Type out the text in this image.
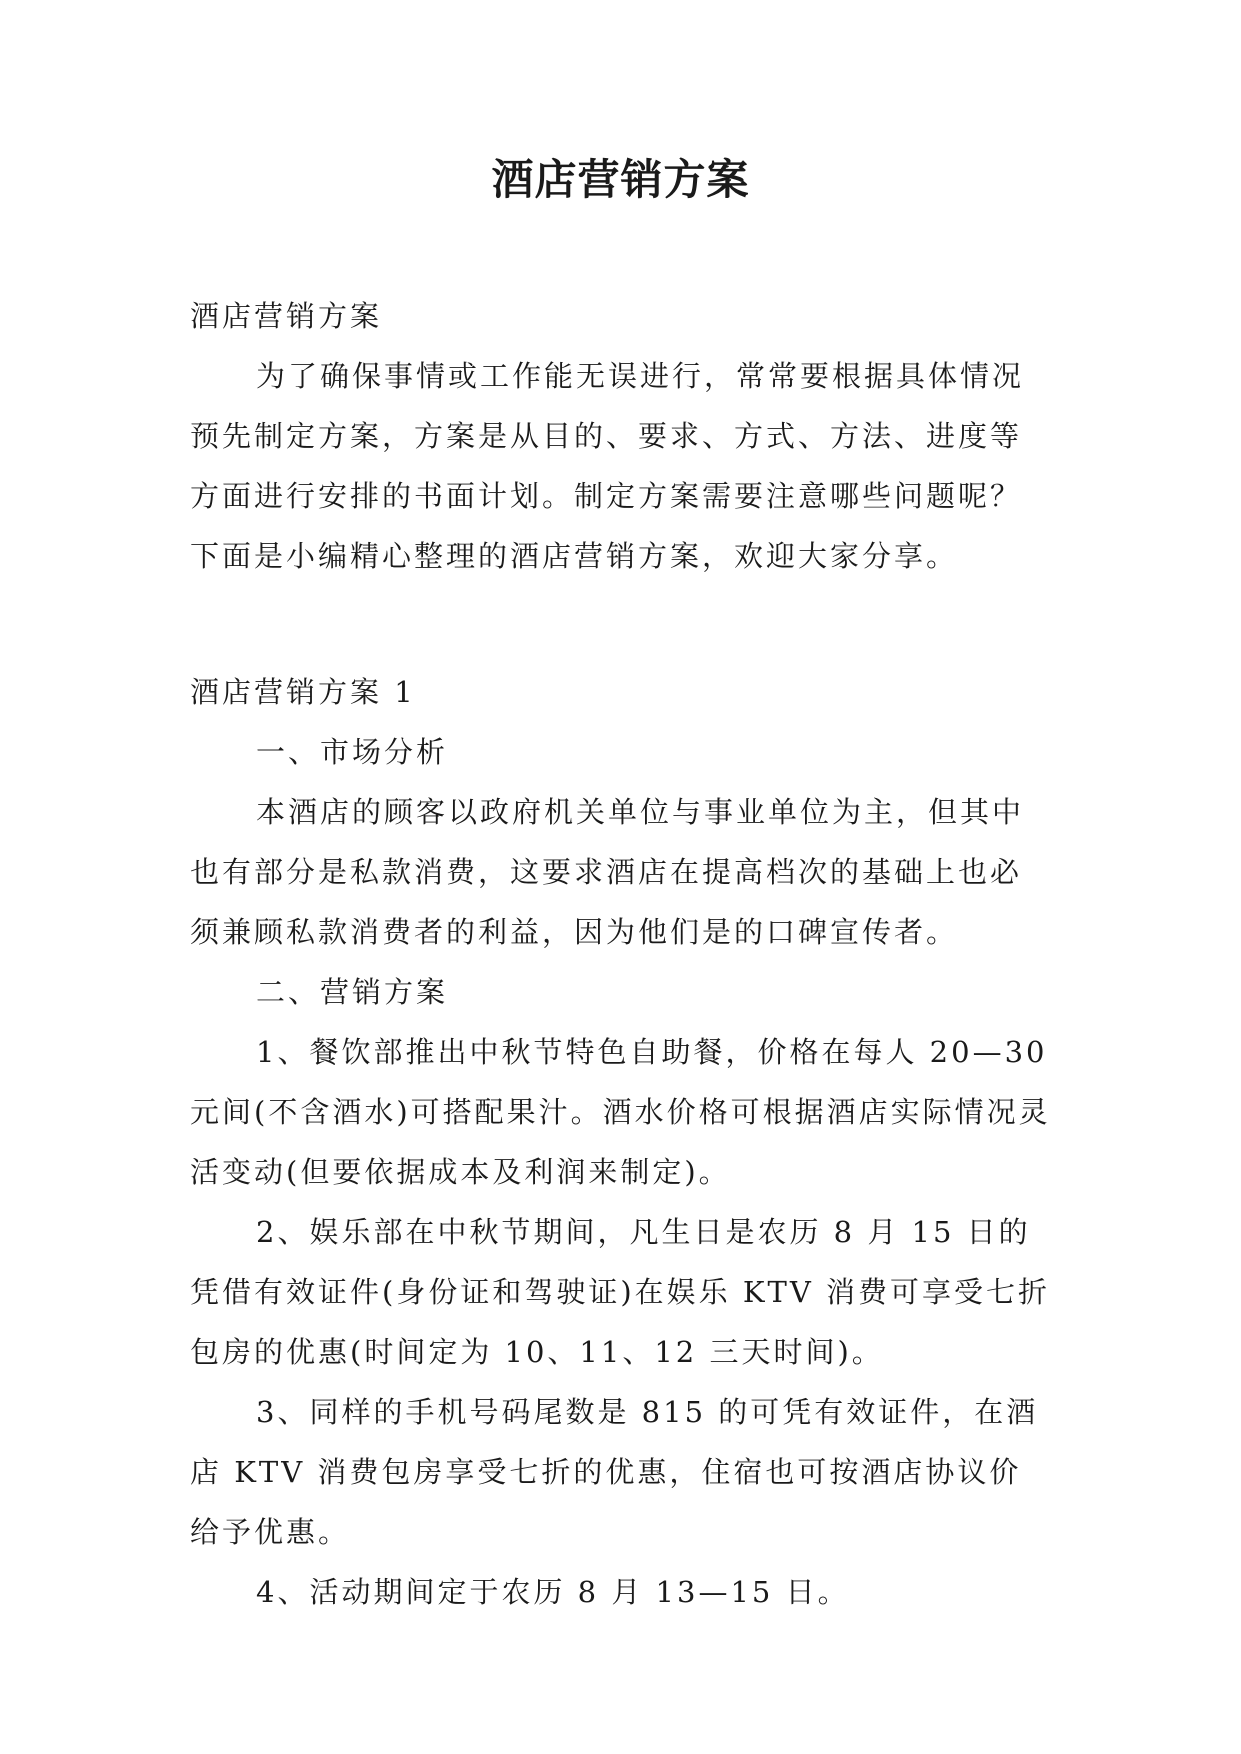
酒店营销方案

酒店营销方案

为了确保事情或工作能无误进行，常常要根据具体情况预先制定方案，方案是从目的、要求、方式、方法、进度等方面进行安排的书面计划。制定方案需要注意哪些问题呢？下面是小编精心整理的酒店营销方案，欢迎大家分享。

酒店营销方案 1

一、市场分析

本酒店的顾客以政府机关单位与事业单位为主，但其中也有部分是私款消费，这要求酒店在提高档次的基础上也必须兼顾私款消费者的利益，因为他们是的口碑宣传者。

二、营销方案

1、餐饮部推出中秋节特色自助餐，价格在每人 20—30 元间(不含酒水)可搭配果汁。酒水价格可根据酒店实际情况灵活变动(但要依据成本及利润来制定)。

2、娱乐部在中秋节期间，凡生日是农历 8 月 15 日的凭借有效证件(身份证和驾驶证)在娱乐 KTV 消费可享受七折包房的优惠(时间定为 10、11、12 三天时间)。

3、同样的手机号码尾数是 815 的可凭有效证件，在酒店 KTV 消费包房享受七折的优惠，住宿也可按酒店协议价给予优惠。

4、活动期间定于农历 8 月 13—15 日。
